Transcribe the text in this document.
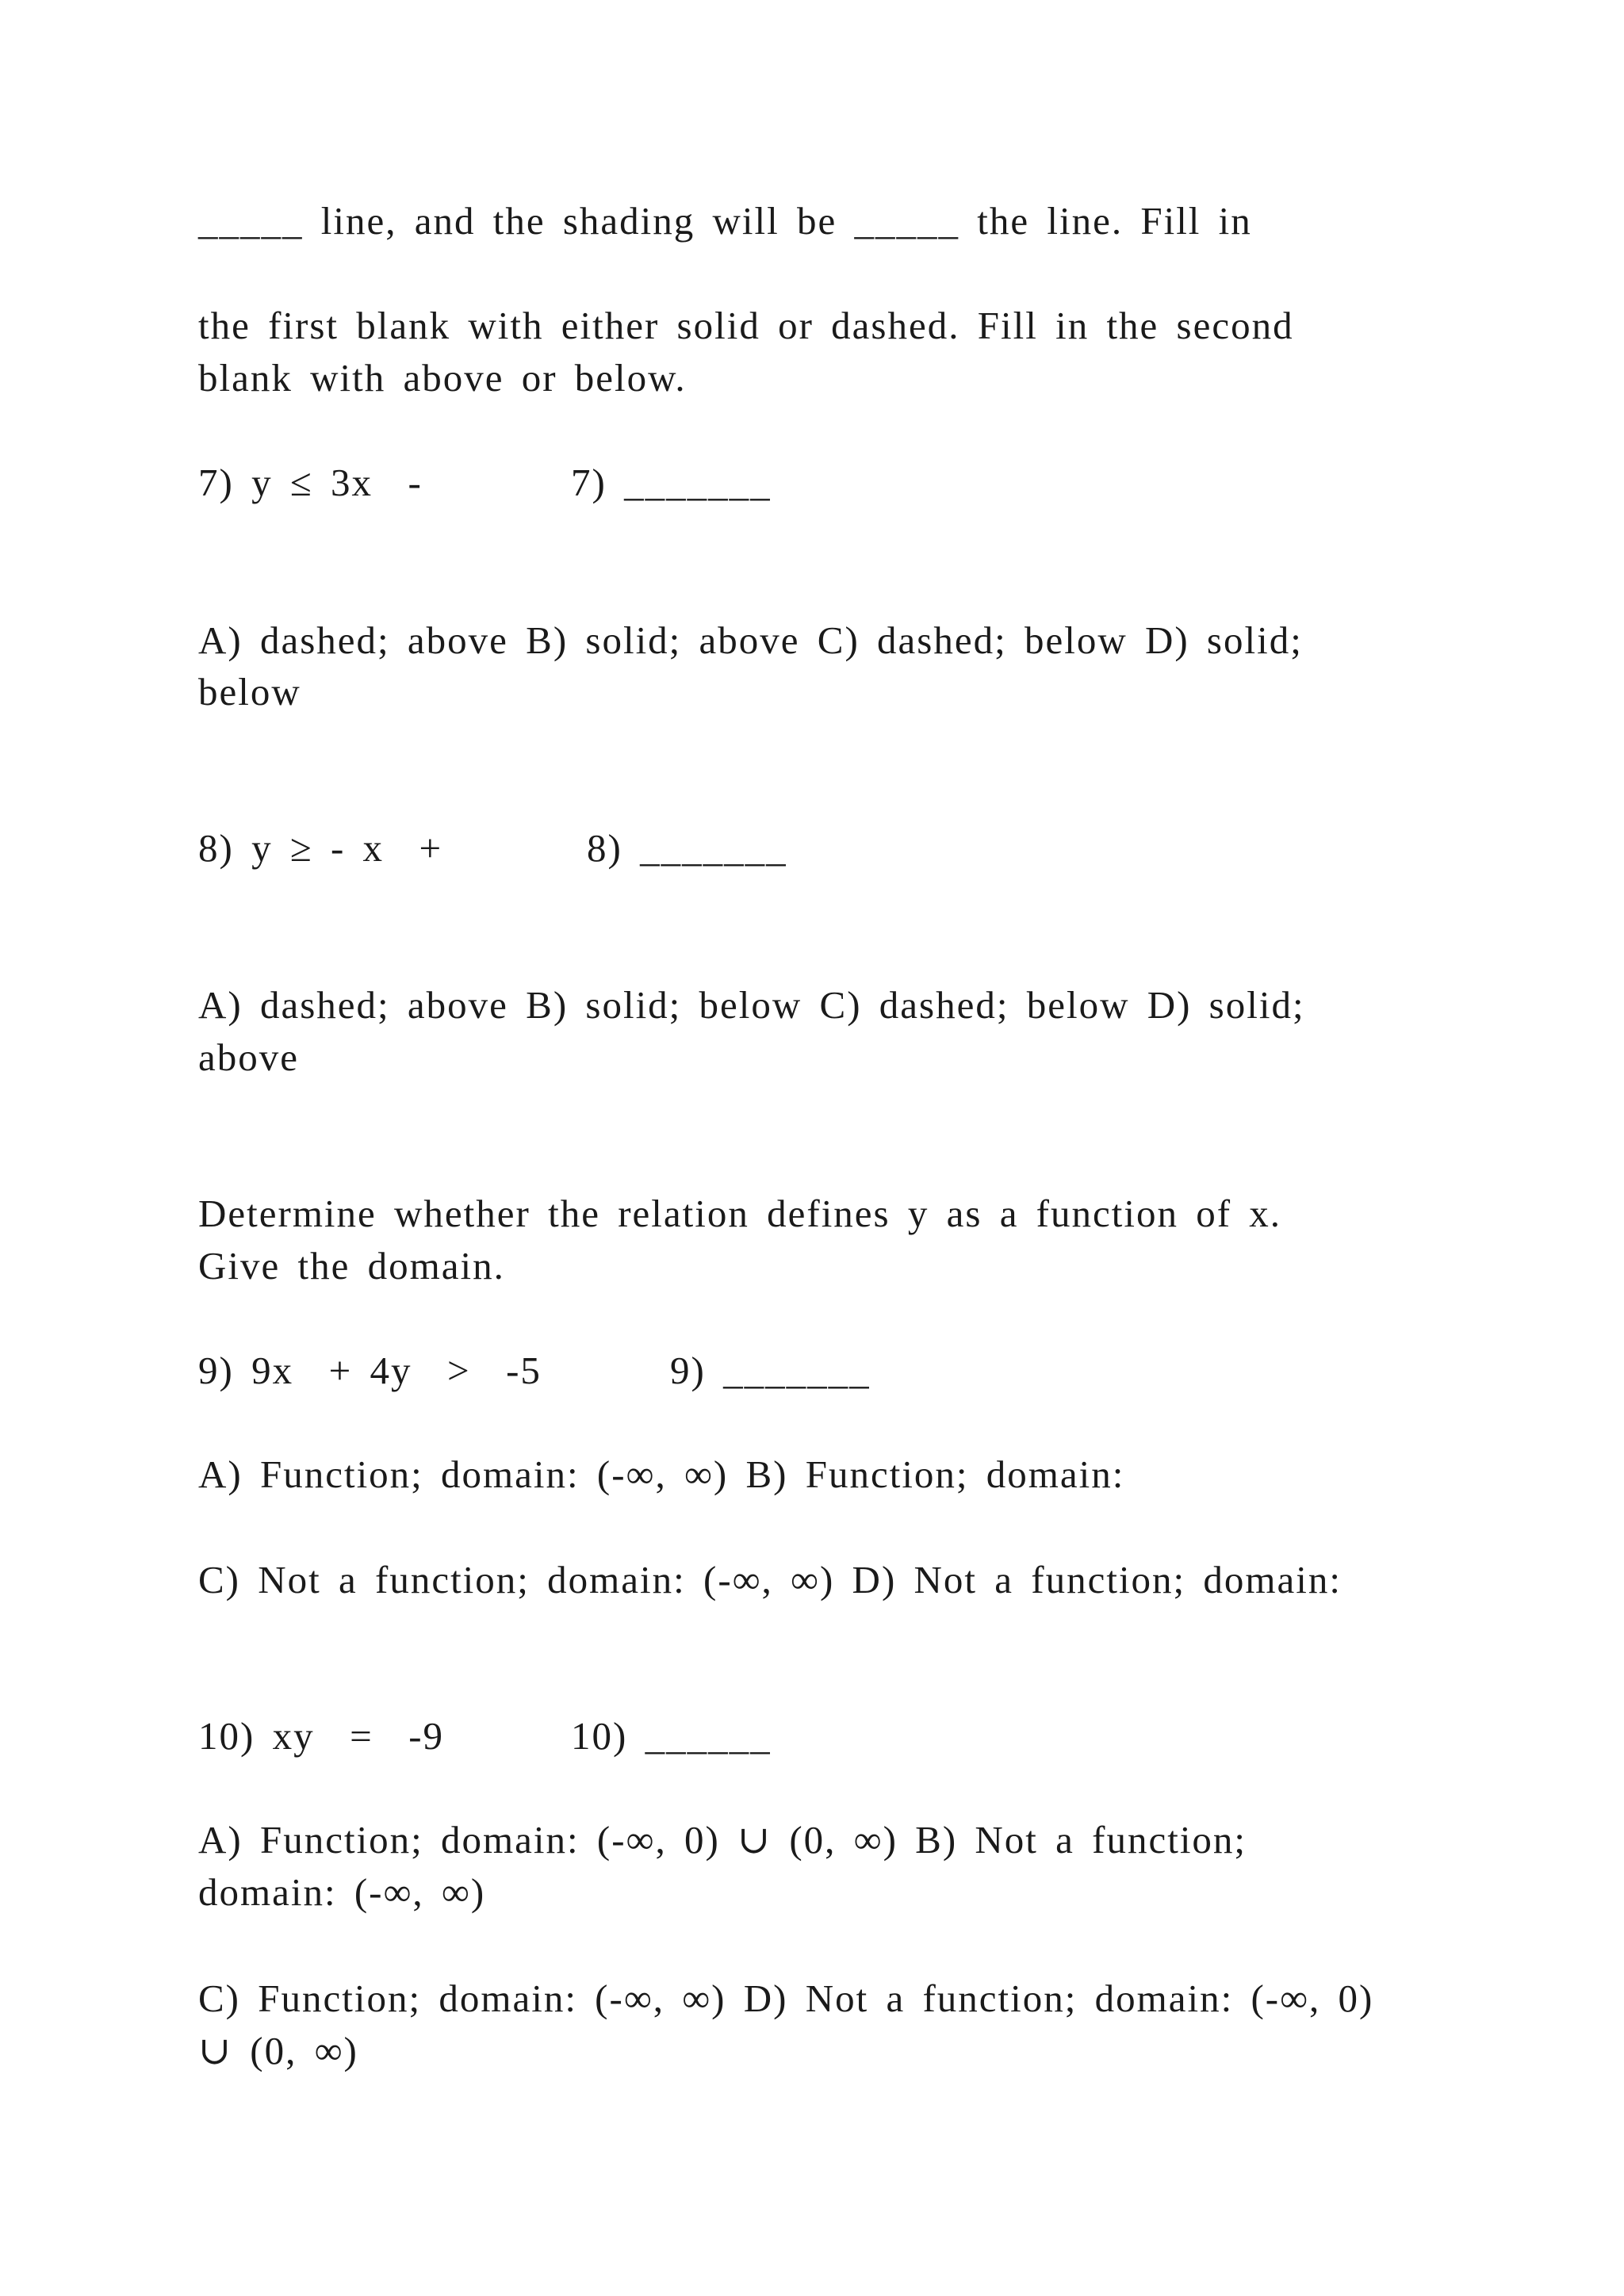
_____ line, and the shading will be _____ the line. Fill in
the first blank with either solid or dashed. Fill in the second
blank with above or below.
7) y ≤ 3x  -	7) _______
A) dashed; above B) solid; above C) dashed; below D) solid;
below
8) y ≥ - x  +	8) _______
A) dashed; above B) solid; below C) dashed; below D) solid;
above
Determine whether the relation defines y as a function of x.
Give the domain.
9) 9x  + 4y  >  -5	9) _______
A) Function; domain: (-∞, ∞) B) Function; domain:
C) Not a function; domain: (-∞, ∞) D) Not a function; domain:
10) xy  =  -9	10) ______
A) Function; domain: (-∞, 0) ∪ (0, ∞) B) Not a function;
domain: (-∞, ∞)
C) Function; domain: (-∞, ∞) D) Not a function; domain: (-∞, 0)
∪ (0, ∞)
